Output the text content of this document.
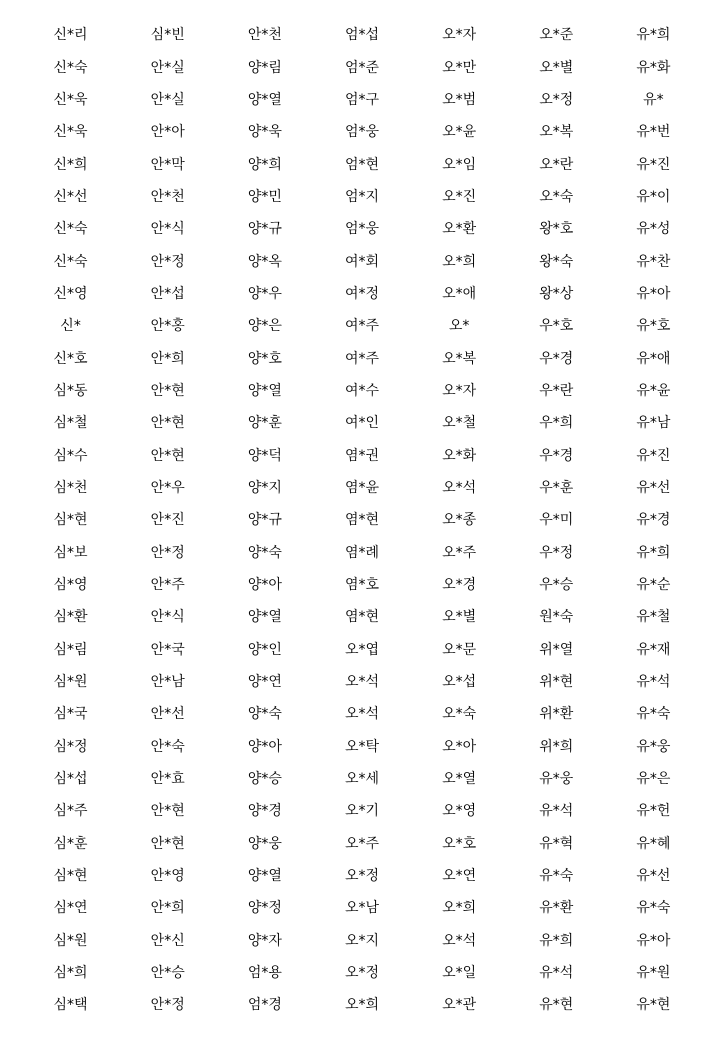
신*리	심*빈	안*천	엄*섭	오*자	오*준	유*희
신*숙	안*실	양*림	엄*준	오*만	오*별	유*화
신*욱	안*실	양*열	엄*구	오*범	오*정	유*
신*욱	안*아	양*욱	엄*웅	오*윤	오*복	유*번
신*희	안*막	양*희	엄*현	오*임	오*란	유*진
신*선	안*천	양*민	엄*지	오*진	오*숙	유*이
신*숙	안*식	양*규	엄*웅	오*환	왕*호	유*성
신*숙	안*정	양*옥	여*회	오*희	왕*숙	유*찬
신*영	안*섭	양*우	여*정	오*애	왕*상	유*아
신*	안*홍	양*은	여*주	오*	우*호	유*호
신*호	안*희	양*호	여*주	오*복	우*경	유*애
심*동	안*현	양*열	여*수	오*자	우*란	유*윤
심*철	안*현	양*훈	여*인	오*철	우*희	유*남
심*수	안*현	양*덕	염*권	오*화	우*경	유*진
심*천	안*우	양*지	염*윤	오*석	우*훈	유*선
심*현	안*진	양*규	염*현	오*종	우*미	유*경
심*보	안*정	양*숙	염*례	오*주	우*정	유*희
심*영	안*주	양*아	염*호	오*경	우*승	유*순
심*환	안*식	양*열	염*현	오*별	원*숙	유*철
심*림	안*국	양*인	오*엽	오*문	위*열	유*재
심*원	안*남	양*연	오*석	오*섭	위*현	유*석
심*국	안*선	양*숙	오*석	오*숙	위*환	유*숙
심*정	안*숙	양*아	오*탁	오*아	위*희	유*웅
심*섭	안*효	양*승	오*세	오*열	유*웅	유*은
심*주	안*현	양*경	오*기	오*영	유*석	유*헌
심*훈	안*현	양*웅	오*주	오*호	유*혁	유*혜
심*현	안*영	양*열	오*정	오*연	유*숙	유*선
심*연	안*희	양*정	오*남	오*희	유*환	유*숙
심*원	안*신	양*자	오*지	오*석	유*희	유*아
심*희	안*승	엄*용	오*정	오*일	유*석	유*원
심*택	안*정	엄*경	오*희	오*관	유*현	유*현
